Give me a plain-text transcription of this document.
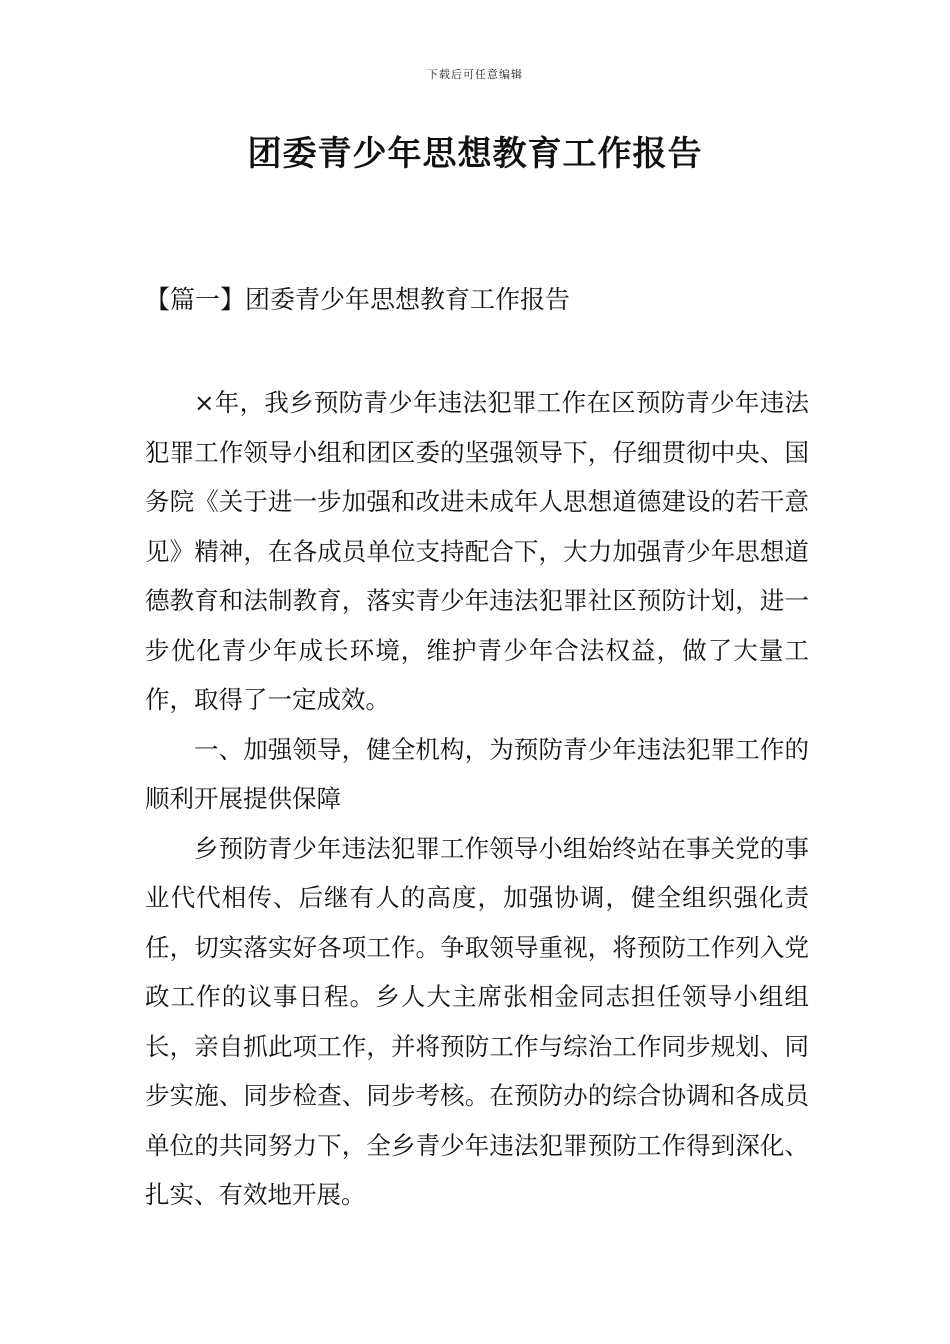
下载后可任意编辑
团委青少年思想教育工作报告
【篇一】团委青少年思想教育工作报告

×年，我乡预防青少年违法犯罪工作在区预防青少年违法犯罪工作领导小组和团区委的坚强领导下，仔细贯彻中央、国务院《关于进一步加强和改进未成年人思想道德建设的若干意见》精神，在各成员单位支持配合下，大力加强青少年思想道德教育和法制教育，落实青少年违法犯罪社区预防计划，进一步优化青少年成长环境，维护青少年合法权益，做了大量工作，取得了一定成效。

一、加强领导，健全机构，为预防青少年违法犯罪工作的顺利开展提供保障

乡预防青少年违法犯罪工作领导小组始终站在事关党的事业代代相传、后继有人的高度，加强协调，健全组织强化责任，切实落实好各项工作。争取领导重视，将预防工作列入党政工作的议事日程。乡人大主席张相金同志担任领导小组组长，亲自抓此项工作，并将预防工作与综治工作同步规划、同步实施、同步检查、同步考核。在预防办的综合协调和各成员单位的共同努力下，全乡青少年违法犯罪预防工作得到深化、扎实、有效地开展。
